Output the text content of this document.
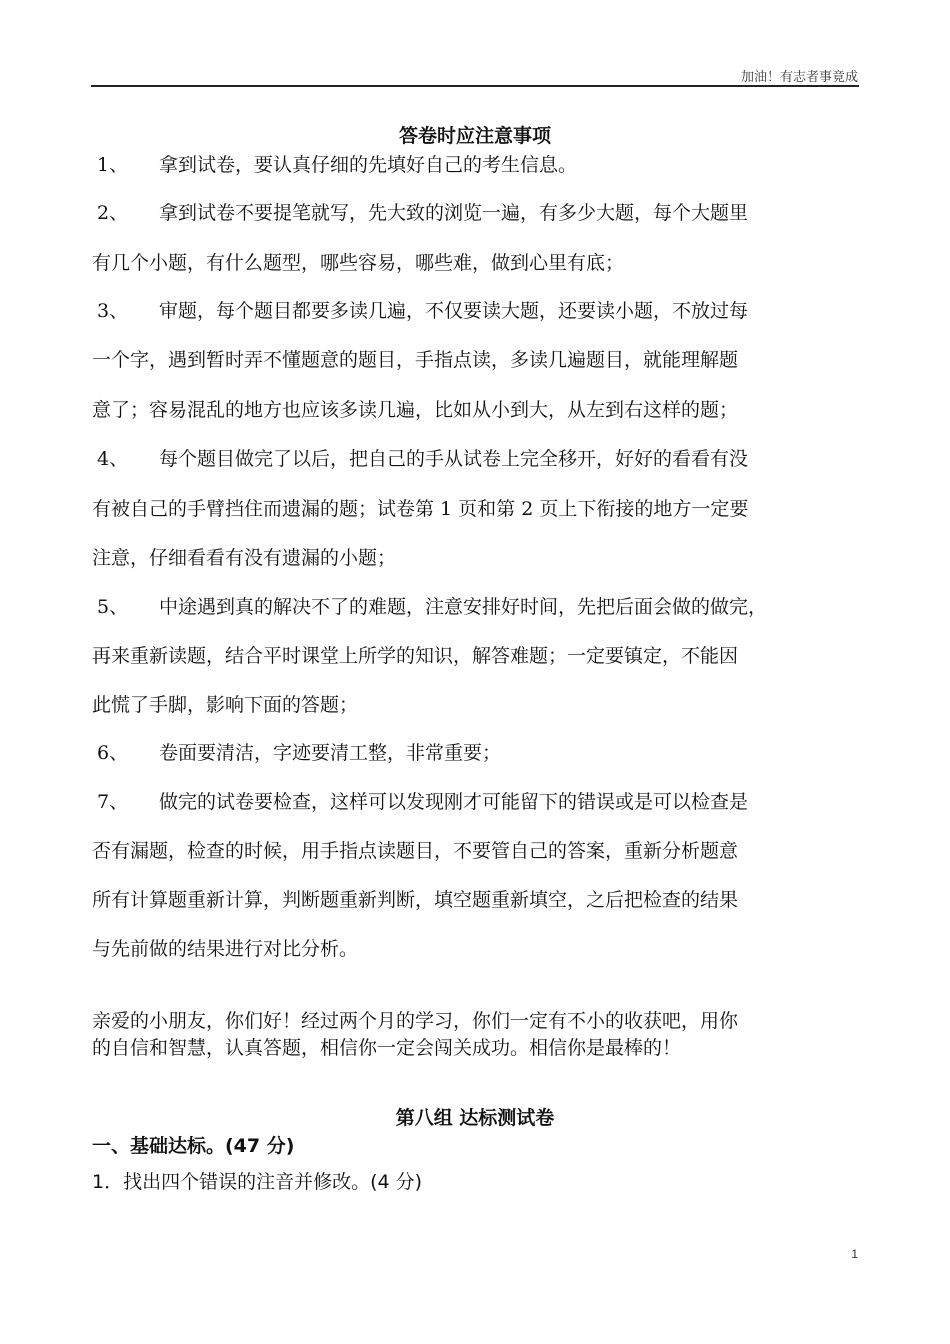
加油！有志者事竟成
答卷时应注意事项
1、 拿到试卷，要认真仔细的先填好自己的考生信息。
2、 拿到试卷不要提笔就写，先大致的浏览一遍，有多少大题，每个大题里
有几个小题，有什么题型，哪些容易，哪些难，做到心里有底；
3、 审题，每个题目都要多读几遍，不仅要读大题，还要读小题，不放过每
一个字，遇到暂时弄不懂题意的题目，手指点读，多读几遍题目，就能理解题
意了；容易混乱的地方也应该多读几遍，比如从小到大，从左到右这样的题；
4、 每个题目做完了以后，把自己的手从试卷上完全移开，好好的看看有没
有被自己的手臂挡住而遗漏的题；试卷第 1 页和第 2 页上下衔接的地方一定要
注意，仔细看看有没有遗漏的小题；
5、 中途遇到真的解决不了的难题，注意安排好时间，先把后面会做的做完，
再来重新读题，结合平时课堂上所学的知识，解答难题；一定要镇定，不能因
此慌了手脚，影响下面的答题；
6、 卷面要清洁，字迹要清工整，非常重要；
7、 做完的试卷要检查，这样可以发现刚才可能留下的错误或是可以检查是
否有漏题，检查的时候，用手指点读题目，不要管自己的答案，重新分析题意
所有计算题重新计算，判断题重新判断，填空题重新填空，之后把检查的结果
与先前做的结果进行对比分析。
亲爱的小朋友，你们好！经过两个月的学习，你们一定有不小的收获吧，用你
的自信和智慧，认真答题，相信你一定会闯关成功。相信你是最棒的！
第八组 达标测试卷
一、基础达标。(47 分)
1．找出四个错误的注音并修改。(4 分)
1
